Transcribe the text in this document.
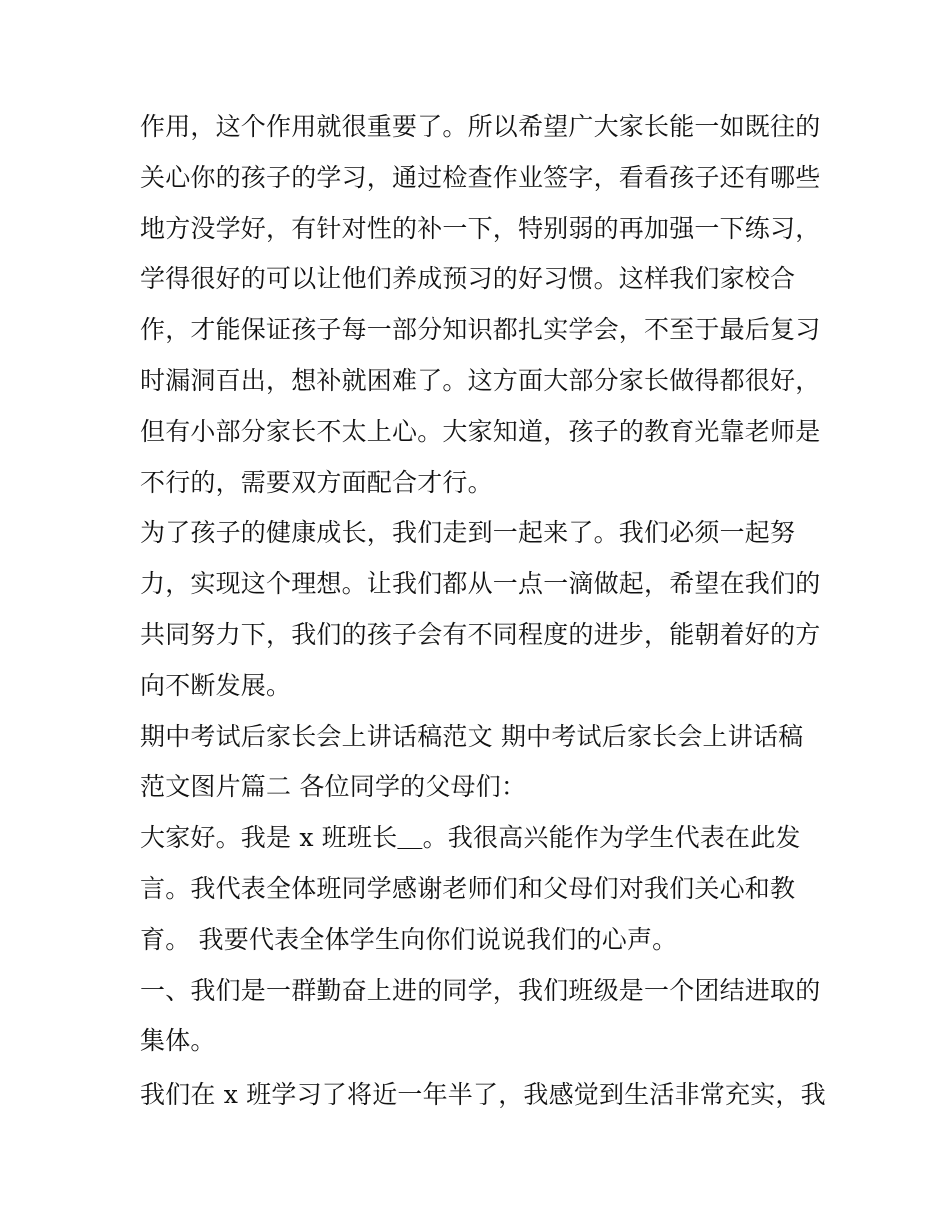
作用，这个作用就很重要了。所以希望广大家长能一如既往的
关心你的孩子的学习，通过检查作业签字，看看孩子还有哪些
地方没学好，有针对性的补一下，特别弱的再加强一下练习，
学得很好的可以让他们养成预习的好习惯。这样我们家校合
作，才能保证孩子每一部分知识都扎实学会，不至于最后复习
时漏洞百出，想补就困难了。这方面大部分家长做得都很好，
但有小部分家长不太上心。大家知道，孩子的教育光靠老师是
不行的，需要双方面配合才行。
为了孩子的健康成长，我们走到一起来了。我们必须一起努
力，实现这个理想。让我们都从一点一滴做起，希望在我们的
共同努力下，我们的孩子会有不同程度的进步，能朝着好的方
向不断发展。
期中考试后家长会上讲话稿范文 期中考试后家长会上讲话稿
范文图片篇二 各位同学的父母们：
大家好。我是 x 班班长＿。我很高兴能作为学生代表在此发
言。我代表全体班同学感谢老师们和父母们对我们关心和教
育。 我要代表全体学生向你们说说我们的心声。
一、我们是一群勤奋上进的同学，我们班级是一个团结进取的
集体。
我们在 x 班学习了将近一年半了，我感觉到生活非常充实，我
